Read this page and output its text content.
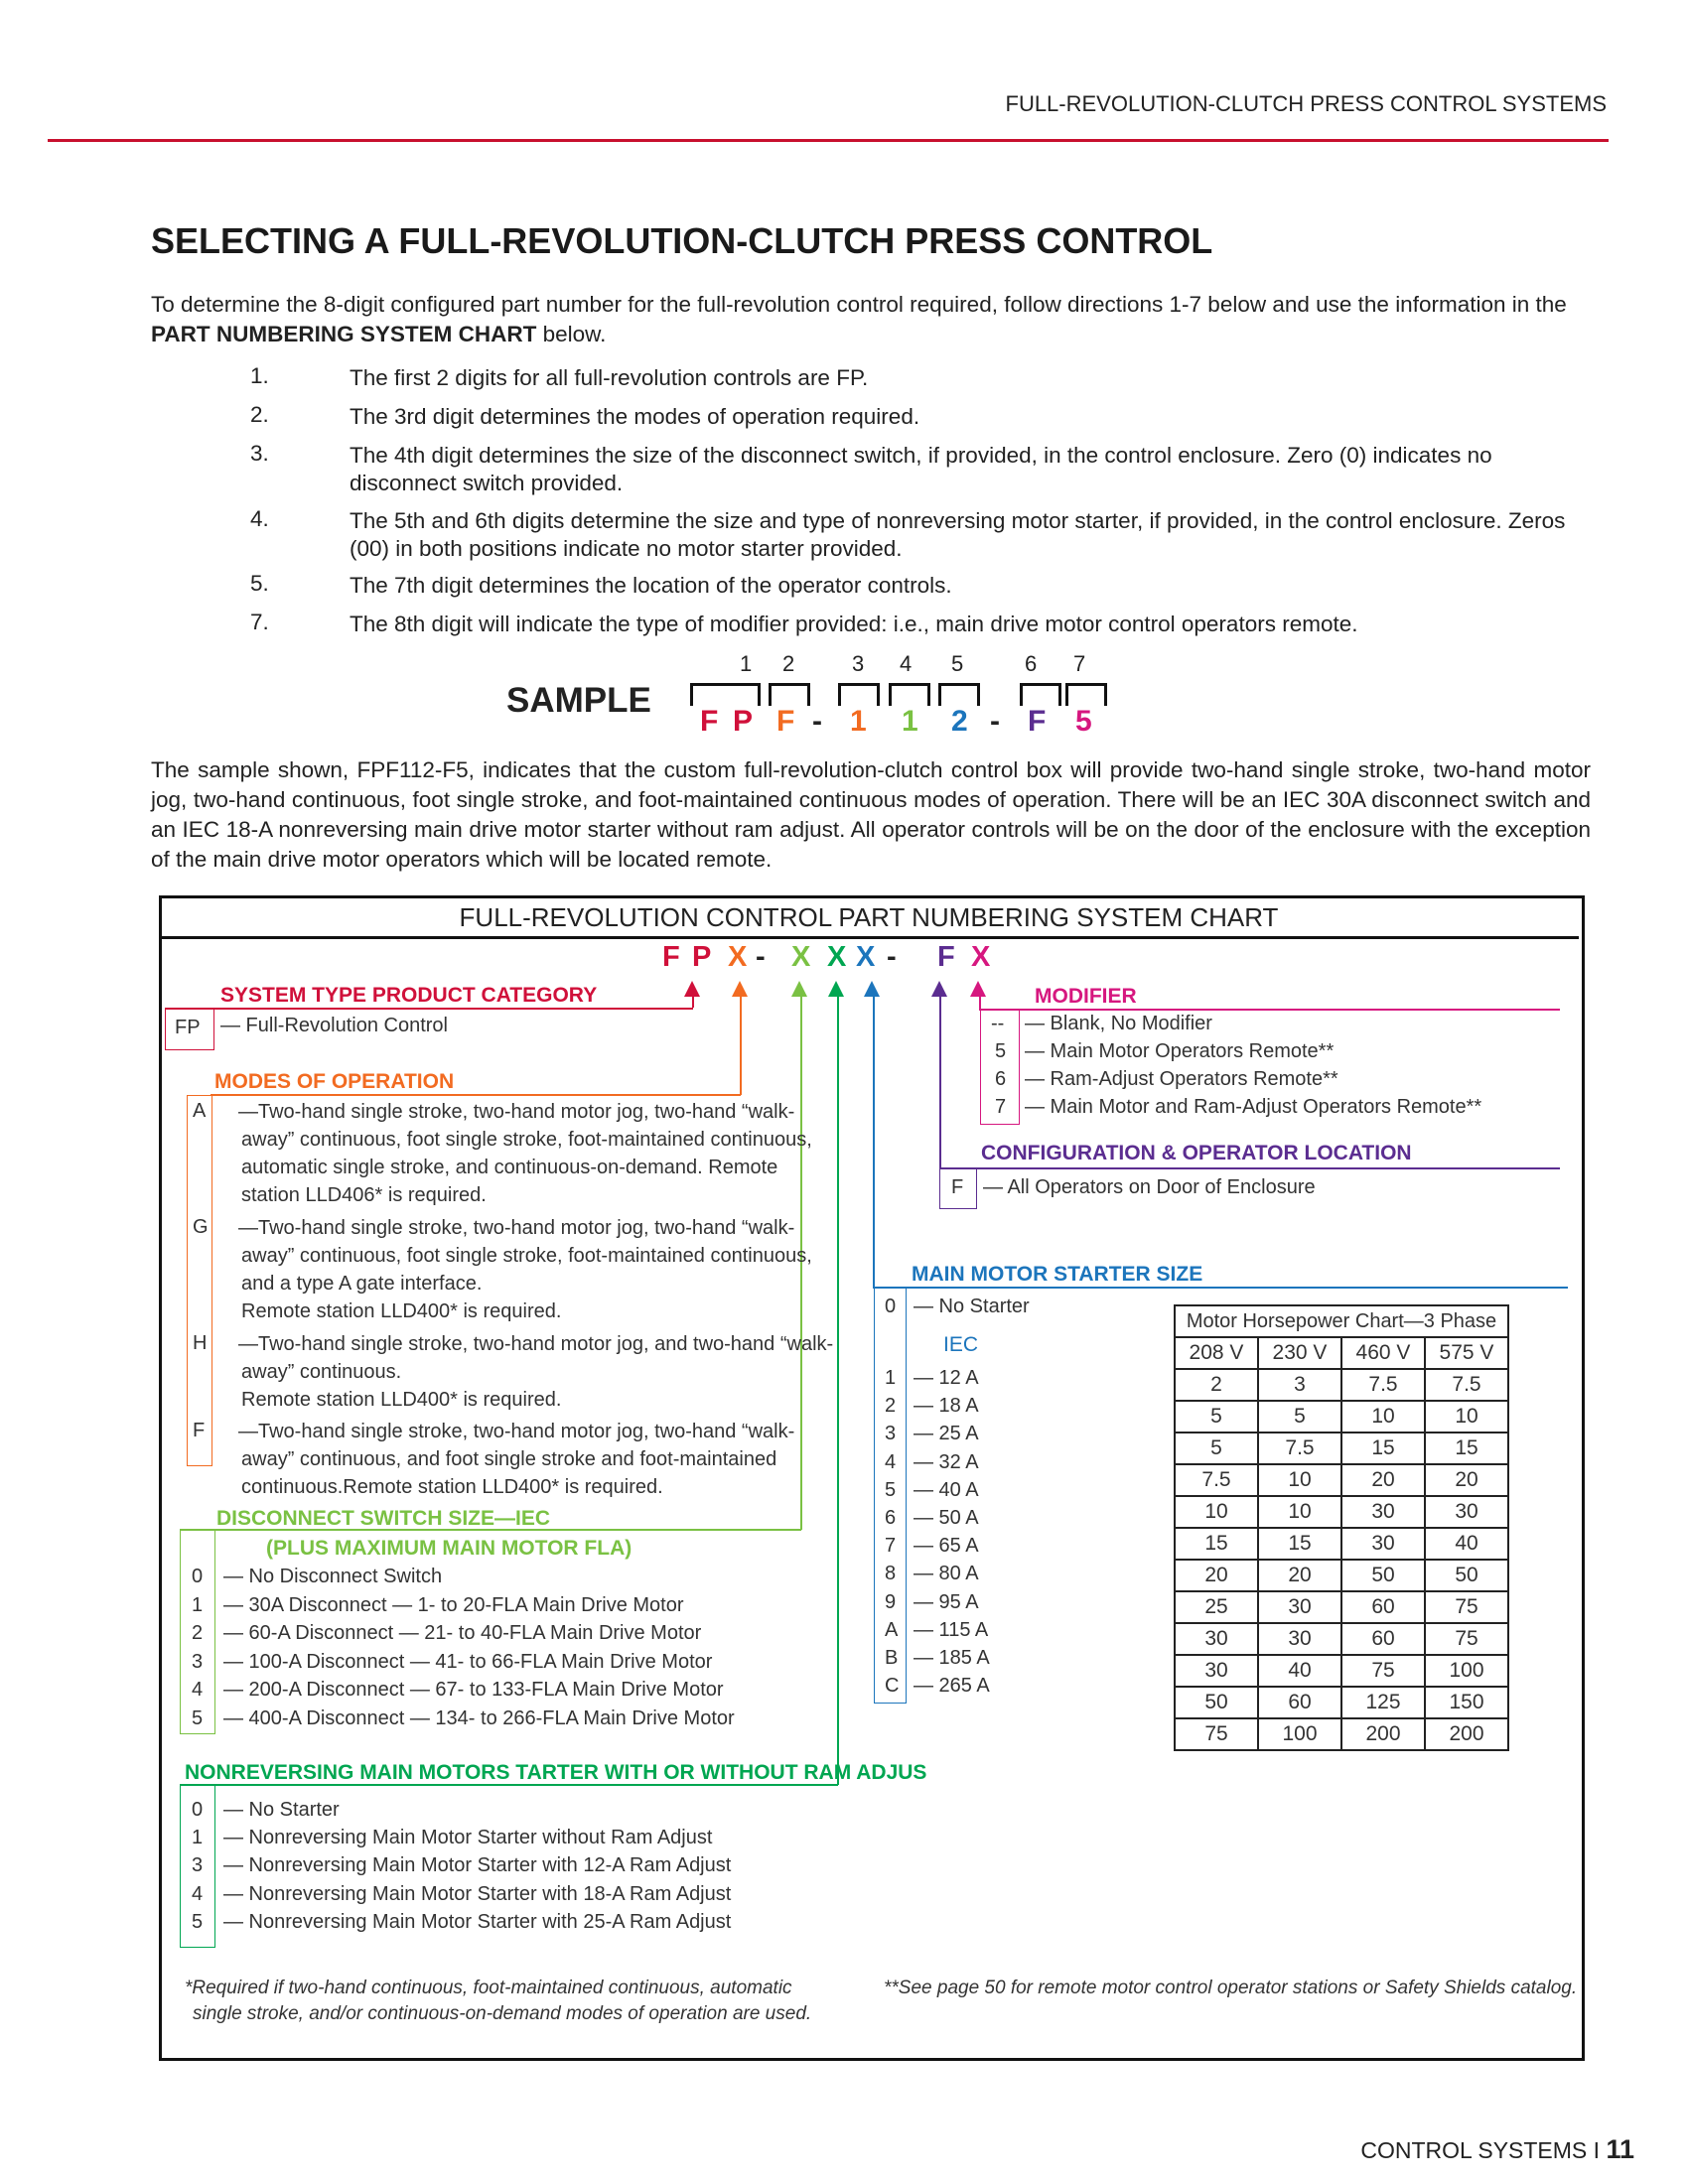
FULL-REVOLUTION-CLUTCH PRESS CONTROL SYSTEMS
SELECTING A FULL-REVOLUTION-CLUTCH PRESS CONTROL
To determine the 8-digit configured part number for the full-revolution control required, follow directions 1-7 below and use the information in the
PART NUMBERING SYSTEM CHART below.
1.	The first 2 digits for all full-revolution controls are FP.
2.	The 3rd digit determines the modes of operation required.
3.	The 4th digit determines the size of the disconnect switch, if provided, in the control enclosure. Zero (0) indicates no disconnect switch provided.
4.	The 5th and 6th digits determine the size and type of nonreversing motor starter, if provided, in the control enclosure. Zeros (00) in both positions indicate no motor starter provided.
5.	The 7th digit determines the location of the operator controls.
7.	The 8th digit will indicate the type of modifier provided: i.e., main drive motor control operators remote.
SAMPLE
F P F - 1 1 2 - F 5
1 2	3 4 5	6 7
The sample shown, FPF112-F5, indicates that the custom full-revolution-clutch control box will provide two-hand single stroke, two-hand motor jog, two-hand continuous, foot single stroke, and foot-maintained continuous modes of operation. There will be an IEC 30A disconnect switch and an IEC 18-A nonreversing main drive motor starter without ram adjust. All operator controls will be on the door of the enclosure with the exception of the main drive motor operators which will be located remote.
FULL-REVOLUTION CONTROL PART NUMBERING SYSTEM CHART
F P X - X X X - F X
SYSTEM TYPE PRODUCT CATEGORY
FP — Full-Revolution Control
MODES OF OPERATION
A —Two-hand single stroke, two-hand motor jog, two-hand “walk-
away” continuous, foot single stroke, foot-maintained continuous,
automatic single stroke, and continuous-on-demand. Remote
station LLD406* is required.
G —Two-hand single stroke, two-hand motor jog, two-hand “walk-
away” continuous, foot single stroke, foot-maintained continuous,
and a type A gate interface.
Remote station LLD400* is required.
H —Two-hand single stroke, two-hand motor jog, and two-hand “walk-
away” continuous.
Remote station LLD400* is required.
F —Two-hand single stroke, two-hand motor jog, two-hand “walk-
away” continuous, and foot single stroke and foot-maintained
continuous.Remote station LLD400* is required.
DISCONNECT SWITCH SIZE—IEC
(PLUS MAXIMUM MAIN MOTOR FLA)
0 — No Disconnect Switch
1 — 30A Disconnect — 1- to 20-FLA Main Drive Motor
2 — 60-A Disconnect — 21- to 40-FLA Main Drive Motor
3 — 100-A Disconnect — 41- to 66-FLA Main Drive Motor
4 — 200-A Disconnect — 67- to 133-FLA Main Drive Motor
5 — 400-A Disconnect — 134- to 266-FLA Main Drive Motor
NONREVERSING MAIN MOTORS TARTER WITH OR WITHOUT RAM ADJUS
0 — No Starter
1 — Nonreversing Main Motor Starter without Ram Adjust
3 — Nonreversing Main Motor Starter with 12-A Ram Adjust
4 — Nonreversing Main Motor Starter with 18-A Ram Adjust
5 — Nonreversing Main Motor Starter with 25-A Ram Adjust
MAIN MOTOR STARTER SIZE
0 — No Starter
IEC
1 — 12 A
2 — 18 A
3 — 25 A
4 — 32 A
5 — 40 A
6 — 50 A
7 — 65 A
8 — 80 A
9 — 95 A
A — 115 A
B — 185 A
C — 265 A
CONFIGURATION & OPERATOR LOCATION
F — All Operators on Door of Enclosure
MODIFIER
-- — Blank, No Modifier
5 — Main Motor Operators Remote**
6 — Ram-Adjust Operators Remote**
7 — Main Motor and Ram-Adjust Operators Remote**
Motor Horsepower Chart—3 Phase			
208 V	230 V	460 V	575 V
2	3	7.5	7.5
5	5	10	10
5	7.5	15	15
7.5	10	20	20
10	10	30	30
15	15	30	40
20	20	50	50
25	30	60	75
30	30	60	75
30	40	75	100
50	60	125	150
75	100	200	200
*Required if two-hand continuous, foot-maintained continuous, automatic
single stroke, and/or continuous-on-demand modes of operation are used.
**See page 50 for remote motor control operator stations or Safety Shields catalog.
CONTROL SYSTEMS I 11
